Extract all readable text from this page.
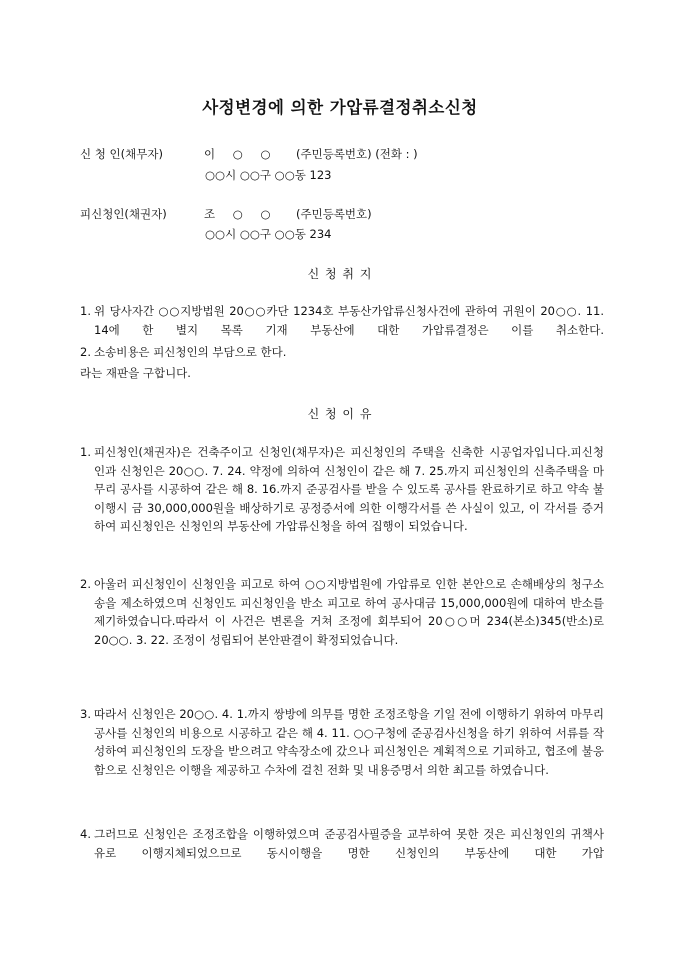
사정변경에 의한 가압류결정취소신청
신 청 인(채무자)	이 ○ ○ (주민등록번호) (전화 : )
○○시 ○○구 ○○동 123
피신청인(채권자)	조 ○ ○ (주민등록번호)
○○시 ○○구 ○○동 234
신 청 취 지
1. 위 당사자간 ○○지방법원 20○○카단 1234호 부동산가압류신청사건에 관하여 귀원이 20○○. 11. 14에 한 별지 목록 기재 부동산에 대한 가압류결정은 이를 취소한다.
2. 소송비용은 피신청인의 부담으로 한다.
라는 재판을 구합니다.
신 청 이 유
1. 피신청인(채권자)은 건축주이고 신청인(채무자)은 피신청인의 주택을 신축한 시공업자입니다.피신청인과 신청인은 20○○. 7. 24. 약정에 의하여 신청인이 같은 해 7. 25.까지 피신청인의 신축주택을 마무리 공사를 시공하여 같은 해 8. 16.까지 준공검사를 받을 수 있도록 공사를 완료하기로 하고 약속 불이행시 금 30,000,000원을 배상하기로 공정증서에 의한 이행각서를 쓴 사실이 있고, 이 각서를 증거하여 피신청인은 신청인의 부동산에 가압류신청을 하여 집행이 되었습니다.
2. 아울러 피신청인이 신청인을 피고로 하여 ○○지방법원에 가압류로 인한 본안으로 손해배상의 청구소송을 제소하였으며 신청인도 피신청인을 반소 피고로 하여 공사대금 15,000,000원에 대하여 반소를 제기하였습니다.따라서 이 사건은 변론을 거쳐 조정에 회부되어 20○○머 234(본소)345(반소)로 20○○. 3. 22. 조정이 성립되어 본안판결이 확정되었습니다.
3. 따라서 신청인은 20○○. 4. 1.까지 쌍방에 의무를 명한 조정조항을 기일 전에 이행하기 위하여 마무리 공사를 신청인의 비용으로 시공하고 같은 해 4. 11. ○○구청에 준공검사신청을 하기 위하여 서류를 작성하여 피신청인의 도장을 받으려고 약속장소에 갔으나 피신청인은 계획적으로 기피하고, 협조에 불응함으로 신청인은 이행을 제공하고 수차에 걸친 전화 및 내용증명서 의한 최고를 하였습니다.
4. 그러므로 신청인은 조정조합을 이행하였으며 준공검사필증을 교부하여 못한 것은 피신청인의 귀책사유로 이행지체되었으므로 동시이행을 명한 신청인의 부동산에 대한 가압
